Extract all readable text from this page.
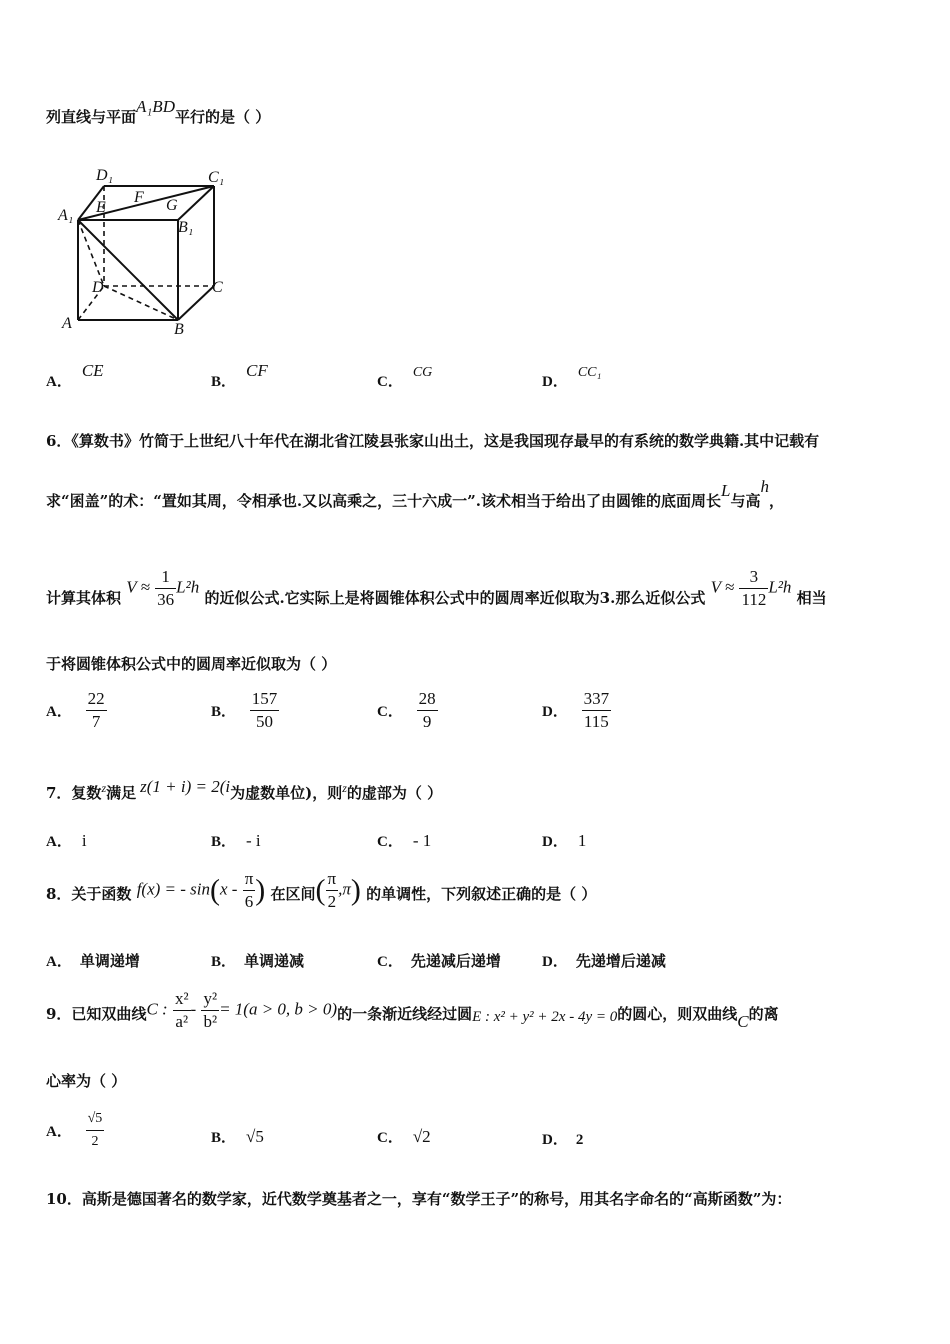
列直线与平面A₁BD平行的是（ ）
D₁	C₁
A₁ E
F G
B₁
D	C
A	B
A．CE
B．CF
C．CG
D．CC₁
6．《算数书》竹简于上世纪八十年代在湖北省江陵县张家山出土，这是我国现存最早的有系统的数学典籍.其中记载有
求“囷盖”的术：“置如其周，令相承也.又以高乘之，三十六成一”.该术相当于给出了由圆锥的底面周长L与高h，
计算其体积 $V \approx \frac{1}{36} L^2h$ 的近似公式.它实际上是将圆锥体积公式中的圆周率近似取为3.那么近似公式 $V \approx \frac{3}{112} L^2h$ 相当
于将圆锥体积公式中的圆周率近似取为（ ）
A． $\frac{22}{7}$	B． $\frac{157}{50}$	C． $\frac{28}{9}$	D． $\frac{337}{115}$
7．复数z满足 z(1 + i) = 2(i为虚数单位)，则z的虚部为（ ）
A． i	B． - i	C． - 1	D． 1
8．关于函数 f(x) = - $\sin(x - \frac{\pi}{6}$ ) 在区间( $\frac{\pi}{2} ,\pi$) 的单调性，下列叙述正确的是（ ）
A． 单调递增	B． 单调递减	C． 先递减后递增	D． 先递增后递减
9．已知双曲线C : $\frac{\text{x²}}{\text{a²}} - \frac{\text{y²}}{\text{b²}} = 1(a > 0$, b > 0)的一条渐近线经过圆E : x² + y² + 2x - 4y = 0的圆心，则双曲线C的离
心率为（ ）
A． $\frac{√5}{2}$	B． √5	C． √2	D． 2
10．高斯是德国著名的数学家，近代数学奠基者之一，享有“数学王子”的称号，用其名字命名的“高斯函数”为：
